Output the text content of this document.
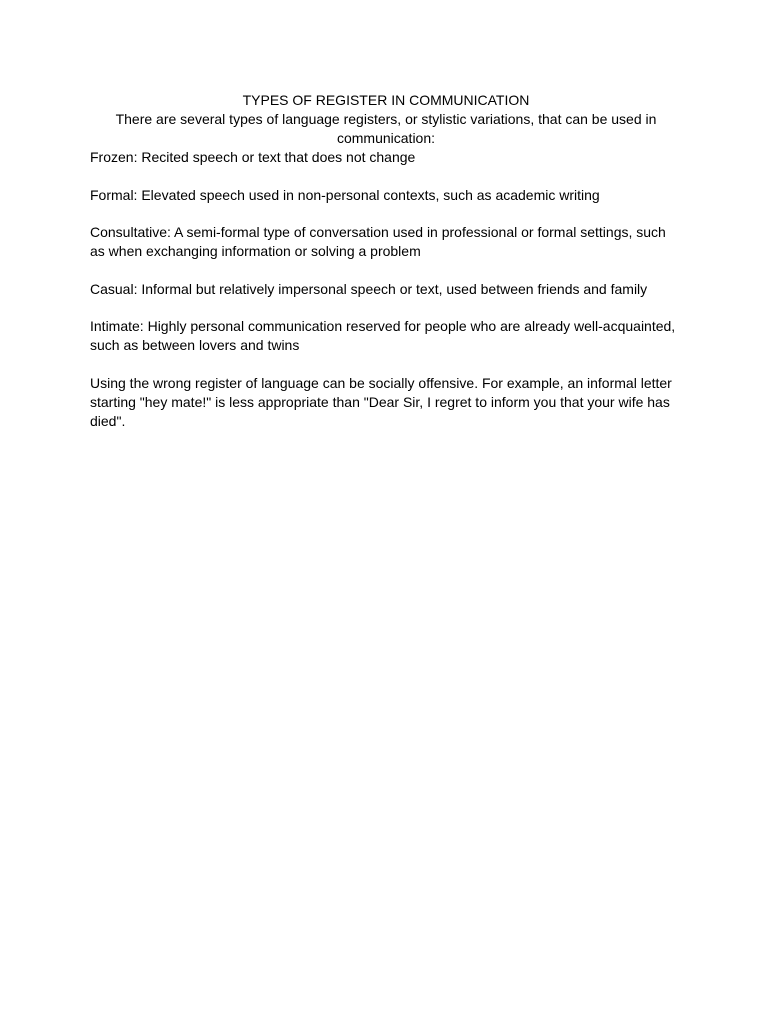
TYPES OF REGISTER IN COMMUNICATION

There are several types of language registers, or stylistic variations, that can be used in communication:

Frozen: Recited speech or text that does not change

Formal: Elevated speech used in non-personal contexts, such as academic writing

Consultative: A semi-formal type of conversation used in professional or formal settings, such as when exchanging information or solving a problem

Casual: Informal but relatively impersonal speech or text, used between friends and family

Intimate: Highly personal communication reserved for people who are already well-acquainted, such as between lovers and twins

Using the wrong register of language can be socially offensive. For example, an informal letter starting "hey mate!" is less appropriate than "Dear Sir, I regret to inform you that your wife has died".
